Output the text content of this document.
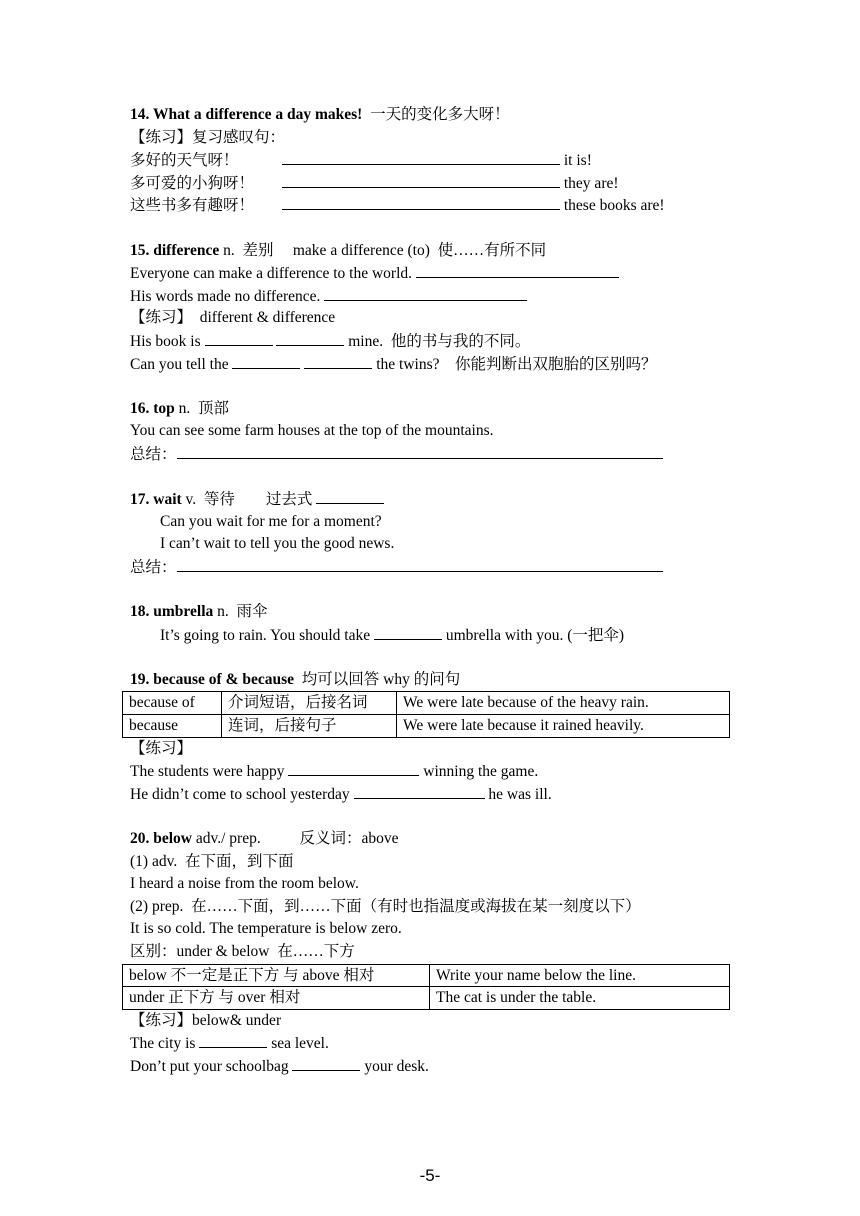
14. What a difference a day makes! 一天的变化多大呀！
【练习】复习感叹句：
多好的天气呀！	it is!
多可爱的小狗呀！	they are!
这些书多有趣呀！	these books are!
15. difference n.  差别     make a difference (to)  使……有所不同
Everyone can make a difference to the world.
His words made no difference.
【练习】  different & difference
His book is	mine.  他的书与我的不同。
Can you tell the	the twins?    你能判断出双胞胎的区别吗？
16. top n.  顶部
You can see some farm houses at the top of the mountains.
总结：
17. wait v.  等待        过去式
Can you wait for me for a moment?
I can’t wait to tell you the good news.
总结：
18. umbrella n.  雨伞
It’s going to rain. You should take	umbrella with you. (一把伞)
19. because of & because 均可以回答 why 的问句
because of	介词短语，后接名词	We were late because of the heavy rain.
because	连词，后接句子	We were late because it rained heavily.
【练习】
The students were happy	winning the game.
He didn’t come to school yesterday	he was ill.
20. below adv./ prep.          反义词：above
(1) adv.  在下面，到下面
I heard a noise from the room below.
(2) prep.  在……下面，到……下面（有时也指温度或海拔在某一刻度以下）
It is so cold. The temperature is below zero.
区别：under & below  在……下方
below 不一定是正下方 与 above 相对	Write your name below the line.
under 正下方 与 over 相对	The cat is under the table.
【练习】below& under
The city is	sea level.
Don’t put your schoolbag	your desk.
-5-
